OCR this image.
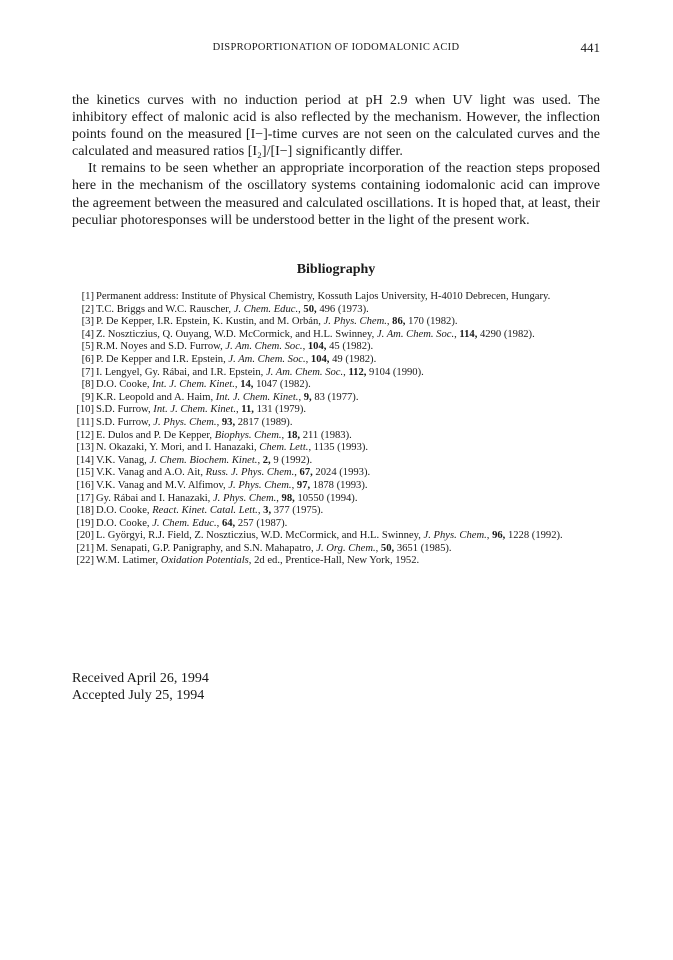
DISPROPORTIONATION OF IODOMALONIC ACID	441

the kinetics curves with no induction period at pH 2.9 when UV light was used. The inhibitory effect of malonic acid is also reflected by the mechanism. However, the inflection points found on the measured [I−]-time curves are not seen on the calculated curves and the calculated and measured ratios [I₂]/[I−] significantly differ.

It remains to be seen whether an appropriate incorporation of the reaction steps proposed here in the mechanism of the oscillatory systems containing iodomalonic acid can improve the agreement between the measured and calculated oscillations. It is hoped that, at least, their peculiar photoresponses will be understood better in the light of the present work.

Bibliography
[ 1 ] Permanent address: Institute of Physical Chemistry, Kossuth Lajos University, H-4010 Debrecen, Hungary.
[ 2 ] T.C. Briggs and W.C. Rauscher, J. Chem. Educ., 50, 496 (1973).
[ 3 ] P. De Kepper, I.R. Epstein, K. Kustin, and M. Orbán, J. Phys. Chem., 86, 170 (1982).
[ 4 ] Z. Noszticzius, Q. Ouyang, W.D. McCormick, and H.L. Swinney, J. Am. Chem. Soc., 114, 4290 (1982).
[ 5 ] R.M. Noyes and S.D. Furrow, J. Am. Chem. Soc., 104, 45 (1982).
[ 6 ] P. De Kepper and I.R. Epstein, J. Am. Chem. Soc., 104, 49 (1982).
[ 7 ] I. Lengyel, Gy. Rábai, and I.R. Epstein, J. Am. Chem. Soc., 112, 9104 (1990).
[ 8 ] D.O. Cooke, Int. J. Chem. Kinet., 14, 1047 (1982).
[ 9 ] K.R. Leopold and A. Haim, Int. J. Chem. Kinet., 9, 83 (1977).
[ 10 ] S.D. Furrow, Int. J. Chem. Kinet., 11, 131 (1979).
[ 11 ] S.D. Furrow, J. Phys. Chem., 93, 2817 (1989).
[ 12 ] E. Dulos and P. De Kepper, Biophys. Chem., 18, 211 (1983).
[ 13 ] N. Okazaki, Y. Mori, and I. Hanazaki, Chem. Lett., 1135 (1993).
[ 14 ] V.K. Vanag, J. Chem. Biochem. Kinet., 2, 9 (1992).
[ 15 ] V.K. Vanag and A.O. Ait, Russ. J. Phys. Chem., 67, 2024 (1993).
[ 16 ] V.K. Vanag and M.V. Alfimov, J. Phys. Chem., 97, 1878 (1993).
[ 17 ] Gy. Rábai and I. Hanazaki, J. Phys. Chem., 98, 10550 (1994).
[ 18 ] D.O. Cooke, React. Kinet. Catal. Lett., 3, 377 (1975).
[ 19 ] D.O. Cooke, J. Chem. Educ., 64, 257 (1987).
[ 20 ] L. Györgyi, R.J. Field, Z. Noszticzius, W.D. McCormick, and H.L. Swinney, J. Phys. Chem., 96, 1228 (1992).
[ 21 ] M. Senapati, G.P. Panigraphy, and S.N. Mahapatro, J. Org. Chem., 50, 3651 (1985).
[ 22 ] W.M. Latimer, Oxidation Potentials, 2d ed., Prentice-Hall, New York, 1952.
Received April 26, 1994
Accepted July 25, 1994
